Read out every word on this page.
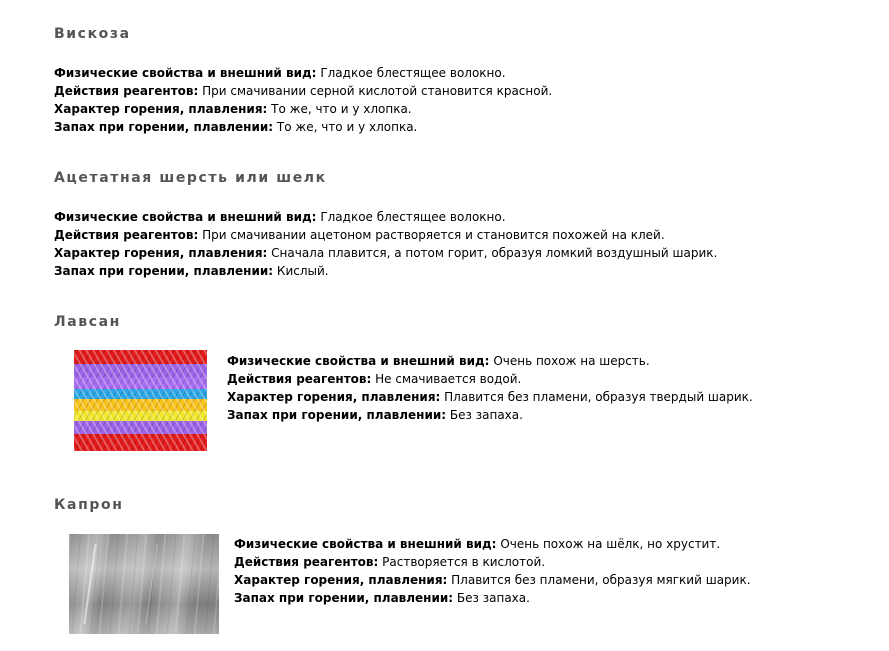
Вискоза
Физические свойства и внешний вид: Гладкое блестящее волокно.
Действия реагентов: При смачивании серной кислотой становится красной.
Характер горения, плавления: То же, что и у хлопка.
Запах при горении, плавлении: То же, что и у хлопка.
Ацетатная шерсть или шелк
Физические свойства и внешний вид: Гладкое блестящее волокно.
Действия реагентов: При смачивании ацетоном растворяется и становится похожей на клей.
Характер горения, плавления: Сначала плавится, а потом горит, образуя ломкий воздушный шарик.
Запах при горении, плавлении: Кислый.
Лавсан
Физические свойства и внешний вид: Очень похож на шерсть.
Действия реагентов: Не смачивается водой.
Характер горения, плавления: Плавится без пламени, образуя твердый шарик.
Запах при горении, плавлении: Без запаха.
Капрон
Физические свойства и внешний вид: Очень похож на шёлк, но хрустит.
Действия реагентов: Растворяется в кислотой.
Характер горения, плавления: Плавится без пламени, образуя мягкий шарик.
Запах при горении, плавлении: Без запаха.
